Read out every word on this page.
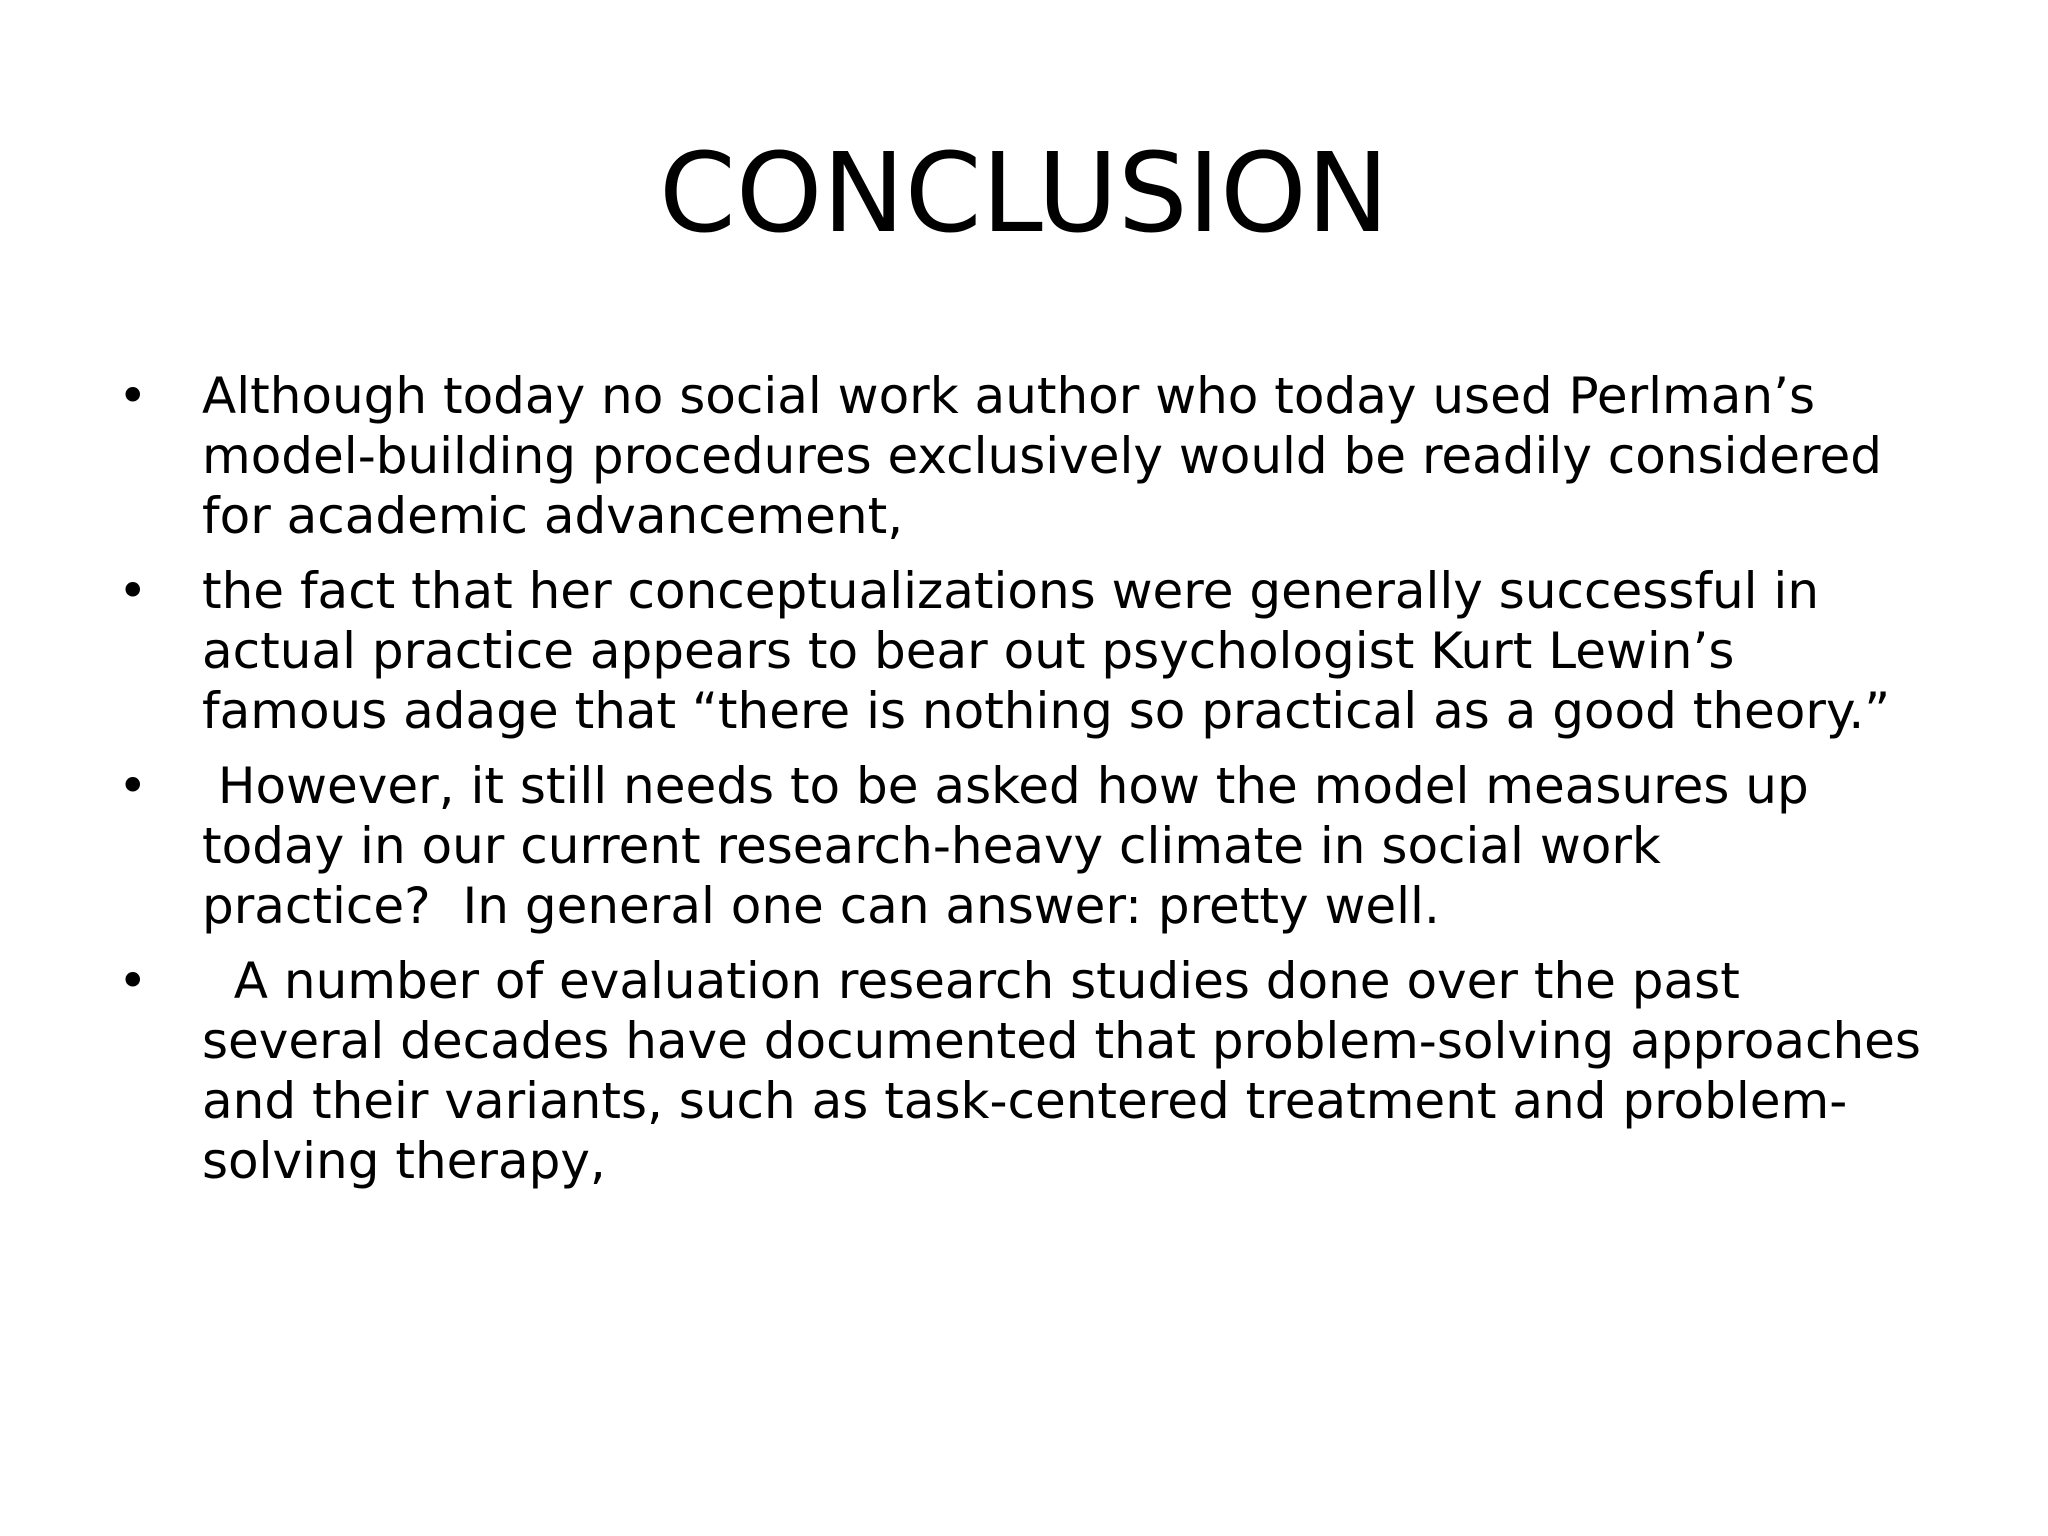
CONCLUSION
• Although today no social work author who today used Perlman’s
model-building procedures exclusively would be readily considered
for academic advancement,
• the fact that her conceptualizations were generally successful in
actual practice appears to bear out psychologist Kurt Lewin’s
famous adage that “there is nothing so practical as a good theory.”
• However, it still needs to be asked how the model measures up
today in our current research-heavy climate in social work
practice?  In general one can answer: pretty well.
• A number of evaluation research studies done over the past
several decades have documented that problem-solving approaches
and their variants, such as task-centered treatment and problem-
solving therapy,
